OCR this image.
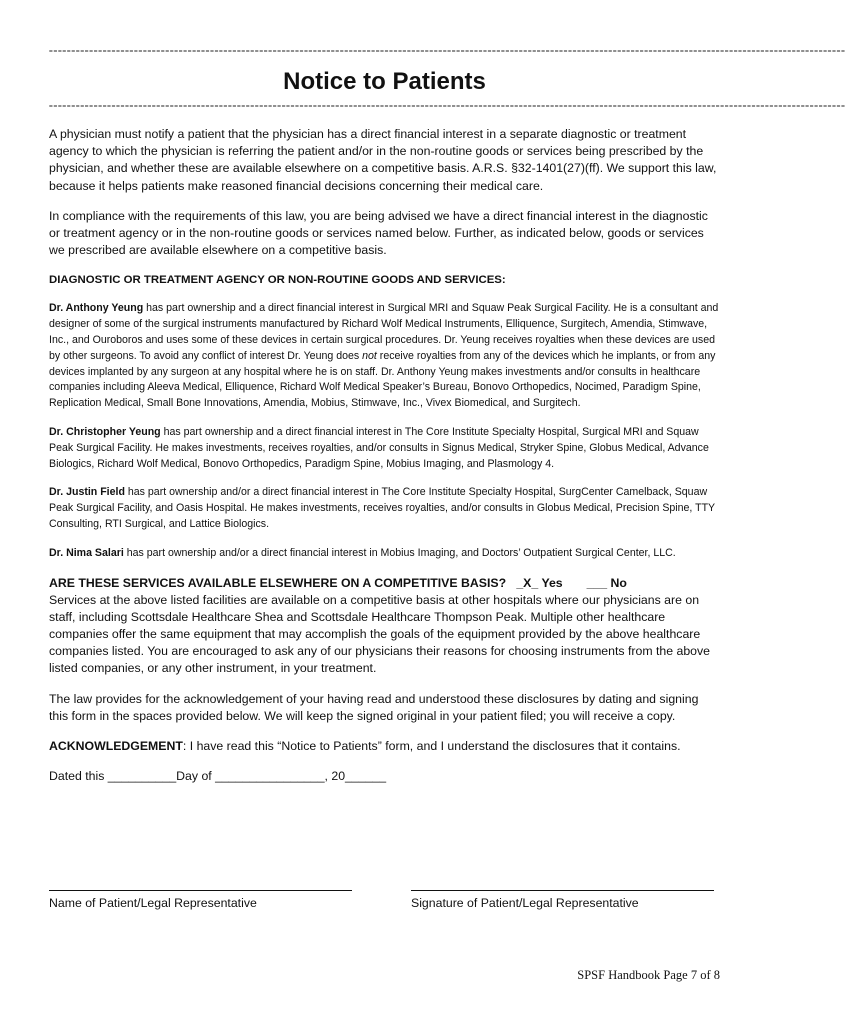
==================================================================================================================================================================================
Notice to Patients
==================================================================================================================================================================================

A physician must notify a patient that the physician has a direct financial interest in a separate diagnostic or treatment agency to which the physician is referring the patient and/or in the non-routine goods or services being prescribed by the physician, and whether these are available elsewhere on a competitive basis. A.R.S. §32-1401(27)(ff). We support this law, because it helps patients make reasoned financial decisions concerning their medical care.

In compliance with the requirements of this law, you are being advised we have a direct financial interest in the diagnostic or treatment agency or in the non-routine goods or services named below. Further, as indicated below, goods or services we prescribed are available elsewhere on a competitive basis.

DIAGNOSTIC OR TREATMENT AGENCY OR NON-ROUTINE GOODS AND SERVICES:

Dr. Anthony Yeung has part ownership and a direct financial interest in Surgical MRI and Squaw Peak Surgical Facility. He is a consultant and designer of some of the surgical instruments manufactured by Richard Wolf Medical Instruments, Elliquence, Surgitech, Amendia, Stimwave, Inc., and Ouroboros and uses some of these devices in certain surgical procedures. Dr. Yeung receives royalties when these devices are used by other surgeons. To avoid any conflict of interest Dr. Yeung does not receive royalties from any of the devices which he implants, or from any devices implanted by any surgeon at any hospital where he is on staff. Dr. Anthony Yeung makes investments and/or consults in healthcare companies including Aleeva Medical, Elliquence, Richard Wolf Medical Speaker’s Bureau, Bonovo Orthopedics, Nocimed, Paradigm Spine, Replication Medical, Small Bone Innovations, Amendia, Mobius, Stimwave, Inc., Vivex Biomedical, and Surgitech.

Dr. Christopher Yeung has part ownership and a direct financial interest in The Core Institute Specialty Hospital, Surgical MRI and Squaw Peak Surgical Facility. He makes investments, receives royalties, and/or consults in Signus Medical, Stryker Spine, Globus Medical, Advance Biologics, Richard Wolf Medical, Bonovo Orthopedics, Paradigm Spine, Mobius Imaging, and Plasmology 4.

Dr. Justin Field has part ownership and/or a direct financial interest in The Core Institute Specialty Hospital, SurgCenter Camelback, Squaw Peak Surgical Facility, and Oasis Hospital. He makes investments, receives royalties, and/or consults in Globus Medical, Precision Spine, TTY Consulting, RTI Surgical, and Lattice Biologics.

Dr. Nima Salari has part ownership and/or a direct financial interest in Mobius Imaging, and Doctors’ Outpatient Surgical Center, LLC.

ARE THESE SERVICES AVAILABLE ELSEWHERE ON A COMPETITIVE BASIS? _X_ Yes ___ No

Services at the above listed facilities are available on a competitive basis at other hospitals where our physicians are on staff, including Scottsdale Healthcare Shea and Scottsdale Healthcare Thompson Peak. Multiple other healthcare companies offer the same equipment that may accomplish the goals of the equipment provided by the above healthcare companies listed. You are encouraged to ask any of our physicians their reasons for choosing instruments from the above listed companies, or any other instrument, in your treatment.

The law provides for the acknowledgement of your having read and understood these disclosures by dating and signing this form in the spaces provided below. We will keep the signed original in your patient filed; you will receive a copy.

ACKNOWLEDGEMENT: I have read this “Notice to Patients” form, and I understand the disclosures that it contains.

Dated this __________Day of ________________, 20______

Name of Patient/Legal Representative	Signature of Patient/Legal Representative
SPSF Handbook Page 7 of 8
